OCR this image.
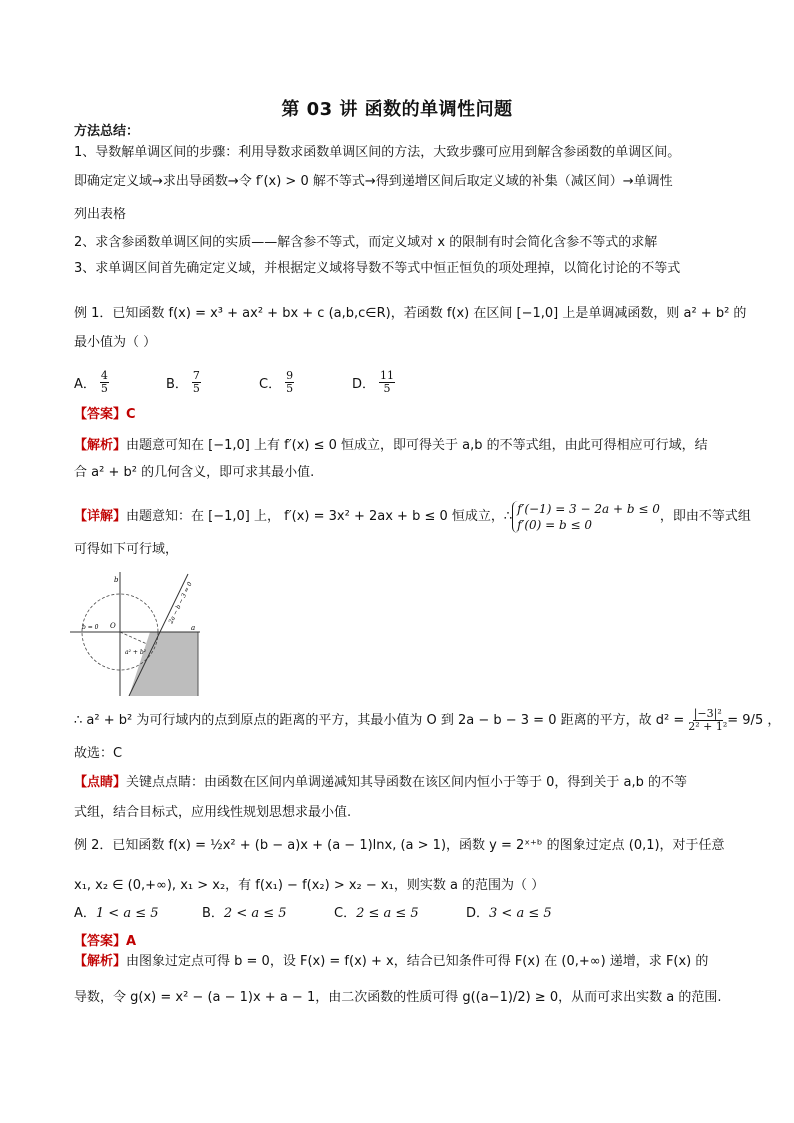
第 03 讲 函数的单调性问题
方法总结：
1、导数解单调区间的步骤：利用导数求函数单调区间的方法，大致步骤可应用到解含参函数的单调区间。
即确定定义域→求出导函数→令 f′(x) > 0 解不等式→得到递增区间后取定义域的补集（减区间）→单调性
列出表格
2、求含参函数单调区间的实质——解含参不等式，而定义域对 x 的限制有时会简化含参不等式的求解
3、求单调区间首先确定定义域，并根据定义域将导数不等式中恒正恒负的项处理掉，以简化讨论的不等式
例 1．已知函数 f(x) = x³ + ax² + bx + c (a,b,c∈R)，若函数 f(x) 在区间 [−1,0] 上是单调减函数，则 a² + b² 的
最小值为（ ）
A． $\frac{4}{5}$	B． $\frac{7}{5}$	C． $\frac{9}{5}$	D． $\frac{11}{5}$
【答案】C
【解析】由题意可知在 [−1,0] 上有 f′(x) ≤ 0 恒成立，即可得关于 a,b 的不等式组，由此可得相应可行域，结
合 a² + b² 的几何含义，即可求其最小值.
【详解】 由题意知：在 [−1,0] 上， f′(x) = 3x² + 2ax + b ≤ 0 恒成立，∴ f′(−1) = 3 − 2a + b ≤ 0
f′(0) = b ≤ 0
，即由不等式组
可得如下可行域，
b
a
O
b = 0
a² + b²
2a − b − 3 = 0
∴ a² + b² 为可行域内的点到原点的距离的平方，其最小值为 O 到 2a − b − 3 = 0 距离的平方，故 $d^2 = \frac{\text{|−3|²}}{\text{2² + 1²}} = 9/5$ ，
故选：C
【点睛】关键点点睛：由函数在区间内单调递减知其导函数在该区间内恒小于等于 0，得到关于 a,b 的不等
式组，结合目标式，应用线性规划思想求最小值.
例 2．已知函数 f(x) = ½x² + (b − a)x + (a − 1)lnx, (a > 1)，函数 y = 2ˣ⁺ᵇ 的图象过定点 (0,1)，对于任意
x₁, x₂ ∈ (0,+∞), x₁ > x₂，有 f(x₁) − f(x₂) > x₂ − x₁，则实数 a 的范围为（ ）
A．1 < a ≤ 5	B．2 < a ≤ 5	C．2 ≤ a ≤ 5	D．3 < a ≤ 5
【答案】A
【解析】由图象过定点可得 b = 0，设 F(x) = f(x) + x，结合已知条件可得 F(x) 在 (0,+∞) 递增，求 F(x) 的
导数，令 g(x) = x² − (a − 1)x + a − 1，由二次函数的性质可得 g((a−1)/2) ≥ 0，从而可求出实数 a 的范围.
